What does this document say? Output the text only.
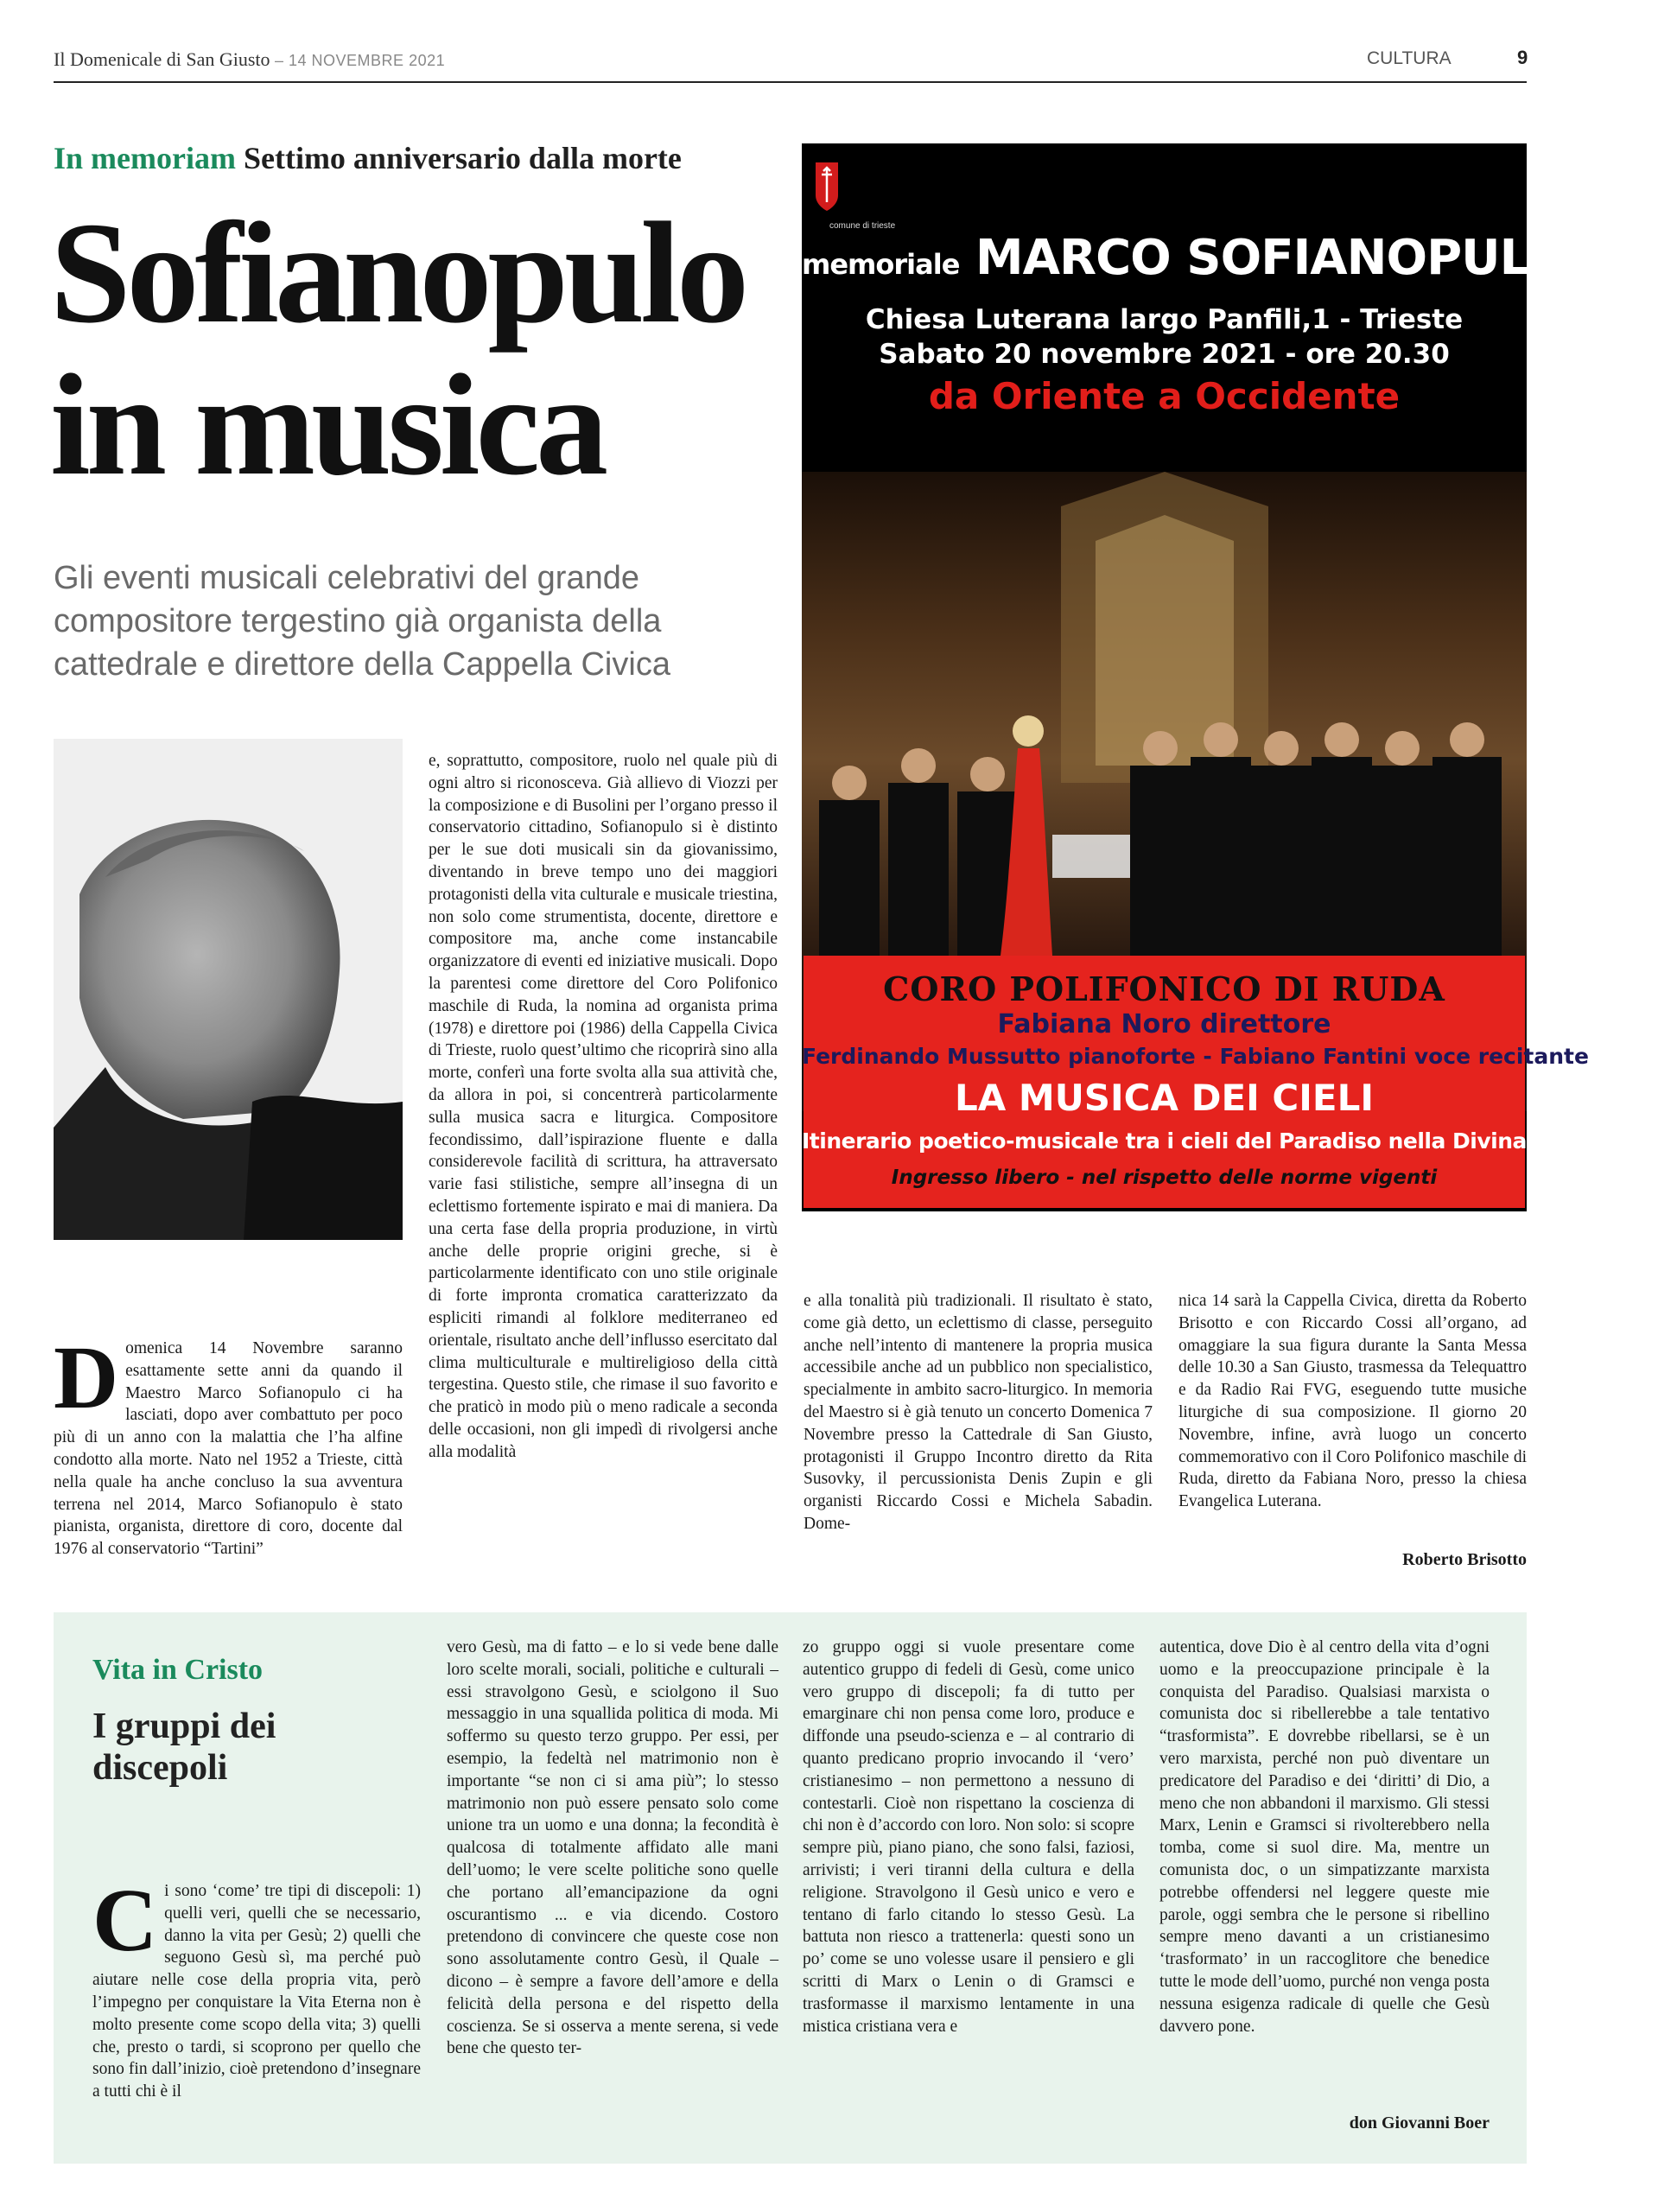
Il Domenicale di San Giusto – 14 NOVEMBRE 2021	CULTURA	9
In memoriam Settimo anniversario dalla morte
Sofianopulo in musica

Gli eventi musicali celebrativi del grande compositore tergestino già organista della cattedrale e direttore della Cappella Civica

comune di trieste
memoriale MARCO SOFIANOPULO
Chiesa Luterana largo Panfili,1 - Trieste
Sabato 20 novembre 2021 - ore 20.30
da Oriente a Occidente
CORO POLIFONICO DI RUDA
Fabiana Noro direttore
Ferdinando Mussutto pianoforte - Fabiano Fantini voce recitante
LA MUSICA DEI CIELI
Itinerario poetico-musicale tra i cieli del Paradiso nella Divina Commedia
Ingresso libero - nel rispetto delle norme vigenti

Domenica 14 Novembre saranno esattamente sette anni da quando il Maestro Marco Sofianopulo ci ha lasciati, dopo aver combattuto per poco più di un anno con la malattia che l’ha alfine condotto alla morte. Nato nel 1952 a Trieste, città nella quale ha anche concluso la sua avventura terrena nel 2014, Marco Sofianopulo è stato pianista, organista, direttore di coro, docente dal 1976 al conservatorio “Tartini”

e, soprattutto, compositore, ruolo nel quale più di ogni altro si riconosceva. Già allievo di Viozzi per la composizione e di Busolini per l’organo presso il conservatorio cittadino, Sofianopulo si è distinto per le sue doti musicali sin da giovanissimo, diventando in breve tempo uno dei maggiori protagonisti della vita culturale e musicale triestina, non solo come strumentista, docente, direttore e compositore ma, anche come instancabile organizzatore di eventi ed iniziative musicali. Dopo la parentesi come direttore del Coro Polifonico maschile di Ruda, la nomina ad organista prima (1978) e direttore poi (1986) della Cappella Civica di Trieste, ruolo quest’ultimo che ricoprirà sino alla morte, conferì una forte svolta alla sua attività che, da allora in poi, si concentrerà particolarmente sulla musica sacra e liturgica. Compositore fecondissimo, dall’ispirazione fluente e dalla considerevole facilità di scrittura, ha attraversato varie fasi stilistiche, sempre all’insegna di un eclettismo fortemente ispirato e mai di maniera. Da una certa fase della propria produzione, in virtù anche delle proprie origini greche, si è particolarmente identificato con uno stile originale di forte impronta cromatica caratterizzato da espliciti rimandi al folklore mediterraneo ed orientale, risultato anche dell’influsso esercitato dal clima multiculturale e multireligioso della città tergestina. Questo stile, che rimase il suo favorito e che praticò in modo più o meno radicale a seconda delle occasioni, non gli impedì di rivolgersi anche alla modalità

e alla tonalità più tradizionali. Il risultato è stato, come già detto, un eclettismo di classe, perseguito anche nell’intento di mantenere la propria musica accessibile anche ad un pubblico non specialistico, specialmente in ambito sacro-liturgico. In memoria del Maestro si è già tenuto un concerto Domenica 7 Novembre presso la Cattedrale di San Giusto, protagonisti il Gruppo Incontro diretto da Rita Susovky, il percussionista Denis Zupin e gli organisti Riccardo Cossi e Michela Sabadin. Dome-

nica 14 sarà la Cappella Civica, diretta da Roberto Brisotto e con Riccardo Cossi all’organo, ad omaggiare la sua figura durante la Santa Messa delle 10.30 a San Giusto, trasmessa da Telequattro e da Radio Rai FVG, eseguendo tutte musiche liturgiche di sua composizione. Il giorno 20 Novembre, infine, avrà luogo un concerto commemorativo con il Coro Polifonico maschile di Ruda, diretto da Fabiana Noro, presso la chiesa Evangelica Luterana.

Roberto Brisotto
Vita in Cristo
I gruppi dei discepoli

Ci sono ‘come’ tre tipi di discepoli: 1) quelli veri, quelli che se necessario, danno la vita per Gesù; 2) quelli che seguono Gesù sì, ma perché può aiutare nelle cose della propria vita, però l’impegno per conquistare la Vita Eterna non è molto presente come scopo della vita; 3) quelli che, presto o tardi, si scoprono per quello che sono fin dall’inizio, cioè pretendono d’insegnare a tutti chi è il

vero Gesù, ma di fatto – e lo si vede bene dalle loro scelte morali, sociali, politiche e culturali – essi stravolgono Gesù, e sciolgono il Suo messaggio in una squallida politica di moda. Mi soffermo su questo terzo gruppo. Per essi, per esempio, la fedeltà nel matrimonio non è importante “se non ci si ama più”; lo stesso matrimonio non può essere pensato solo come unione tra un uomo e una donna; la fecondità è qualcosa di totalmente affidato alle mani dell’uomo; le vere scelte politiche sono quelle che portano all’emancipazione da ogni oscurantismo ... e via dicendo. Costoro pretendono di convincere che queste cose non sono assolutamente contro Gesù, il Quale – dicono – è sempre a favore dell’amore e della felicità della persona e del rispetto della coscienza. Se si osserva a mente serena, si vede bene che questo ter-

zo gruppo oggi si vuole presentare come autentico gruppo di fedeli di Gesù, come unico vero gruppo di discepoli; fa di tutto per emarginare chi non pensa come loro, produce e diffonde una pseudo-scienza e – al contrario di quanto predicano proprio invocando il ‘vero’ cristianesimo – non permettono a nessuno di contestarli. Cioè non rispettano la coscienza di chi non è d’accordo con loro. Non solo: si scopre sempre più, piano piano, che sono falsi, faziosi, arrivisti; i veri tiranni della cultura e della religione. Stravolgono il Gesù unico e vero e tentano di farlo citando lo stesso Gesù. La battuta non riesco a trattenerla: questi sono un po’ come se uno volesse usare il pensiero e gli scritti di Marx o Lenin o di Gramsci e trasformasse il marxismo lentamente in una mistica cristiana vera e

autentica, dove Dio è al centro della vita d’ogni uomo e la preoccupazione principale è la conquista del Paradiso. Qualsiasi marxista o comunista doc si ribellerebbe a tale tentativo “trasformista”. E dovrebbe ribellarsi, se è un vero marxista, perché non può diventare un predicatore del Paradiso e dei ‘diritti’ di Dio, a meno che non abbandoni il marxismo. Gli stessi Marx, Lenin e Gramsci si rivolterebbero nella tomba, come si suol dire. Ma, mentre un comunista doc, o un simpatizzante marxista potrebbe offendersi nel leggere queste mie parole, oggi sembra che le persone si ribellino sempre meno davanti a un cristianesimo ‘trasformato’ in un raccoglitore che benedice tutte le mode dell’uomo, purché non venga posta nessuna esigenza radicale di quelle che Gesù davvero pone.

don Giovanni Boer
